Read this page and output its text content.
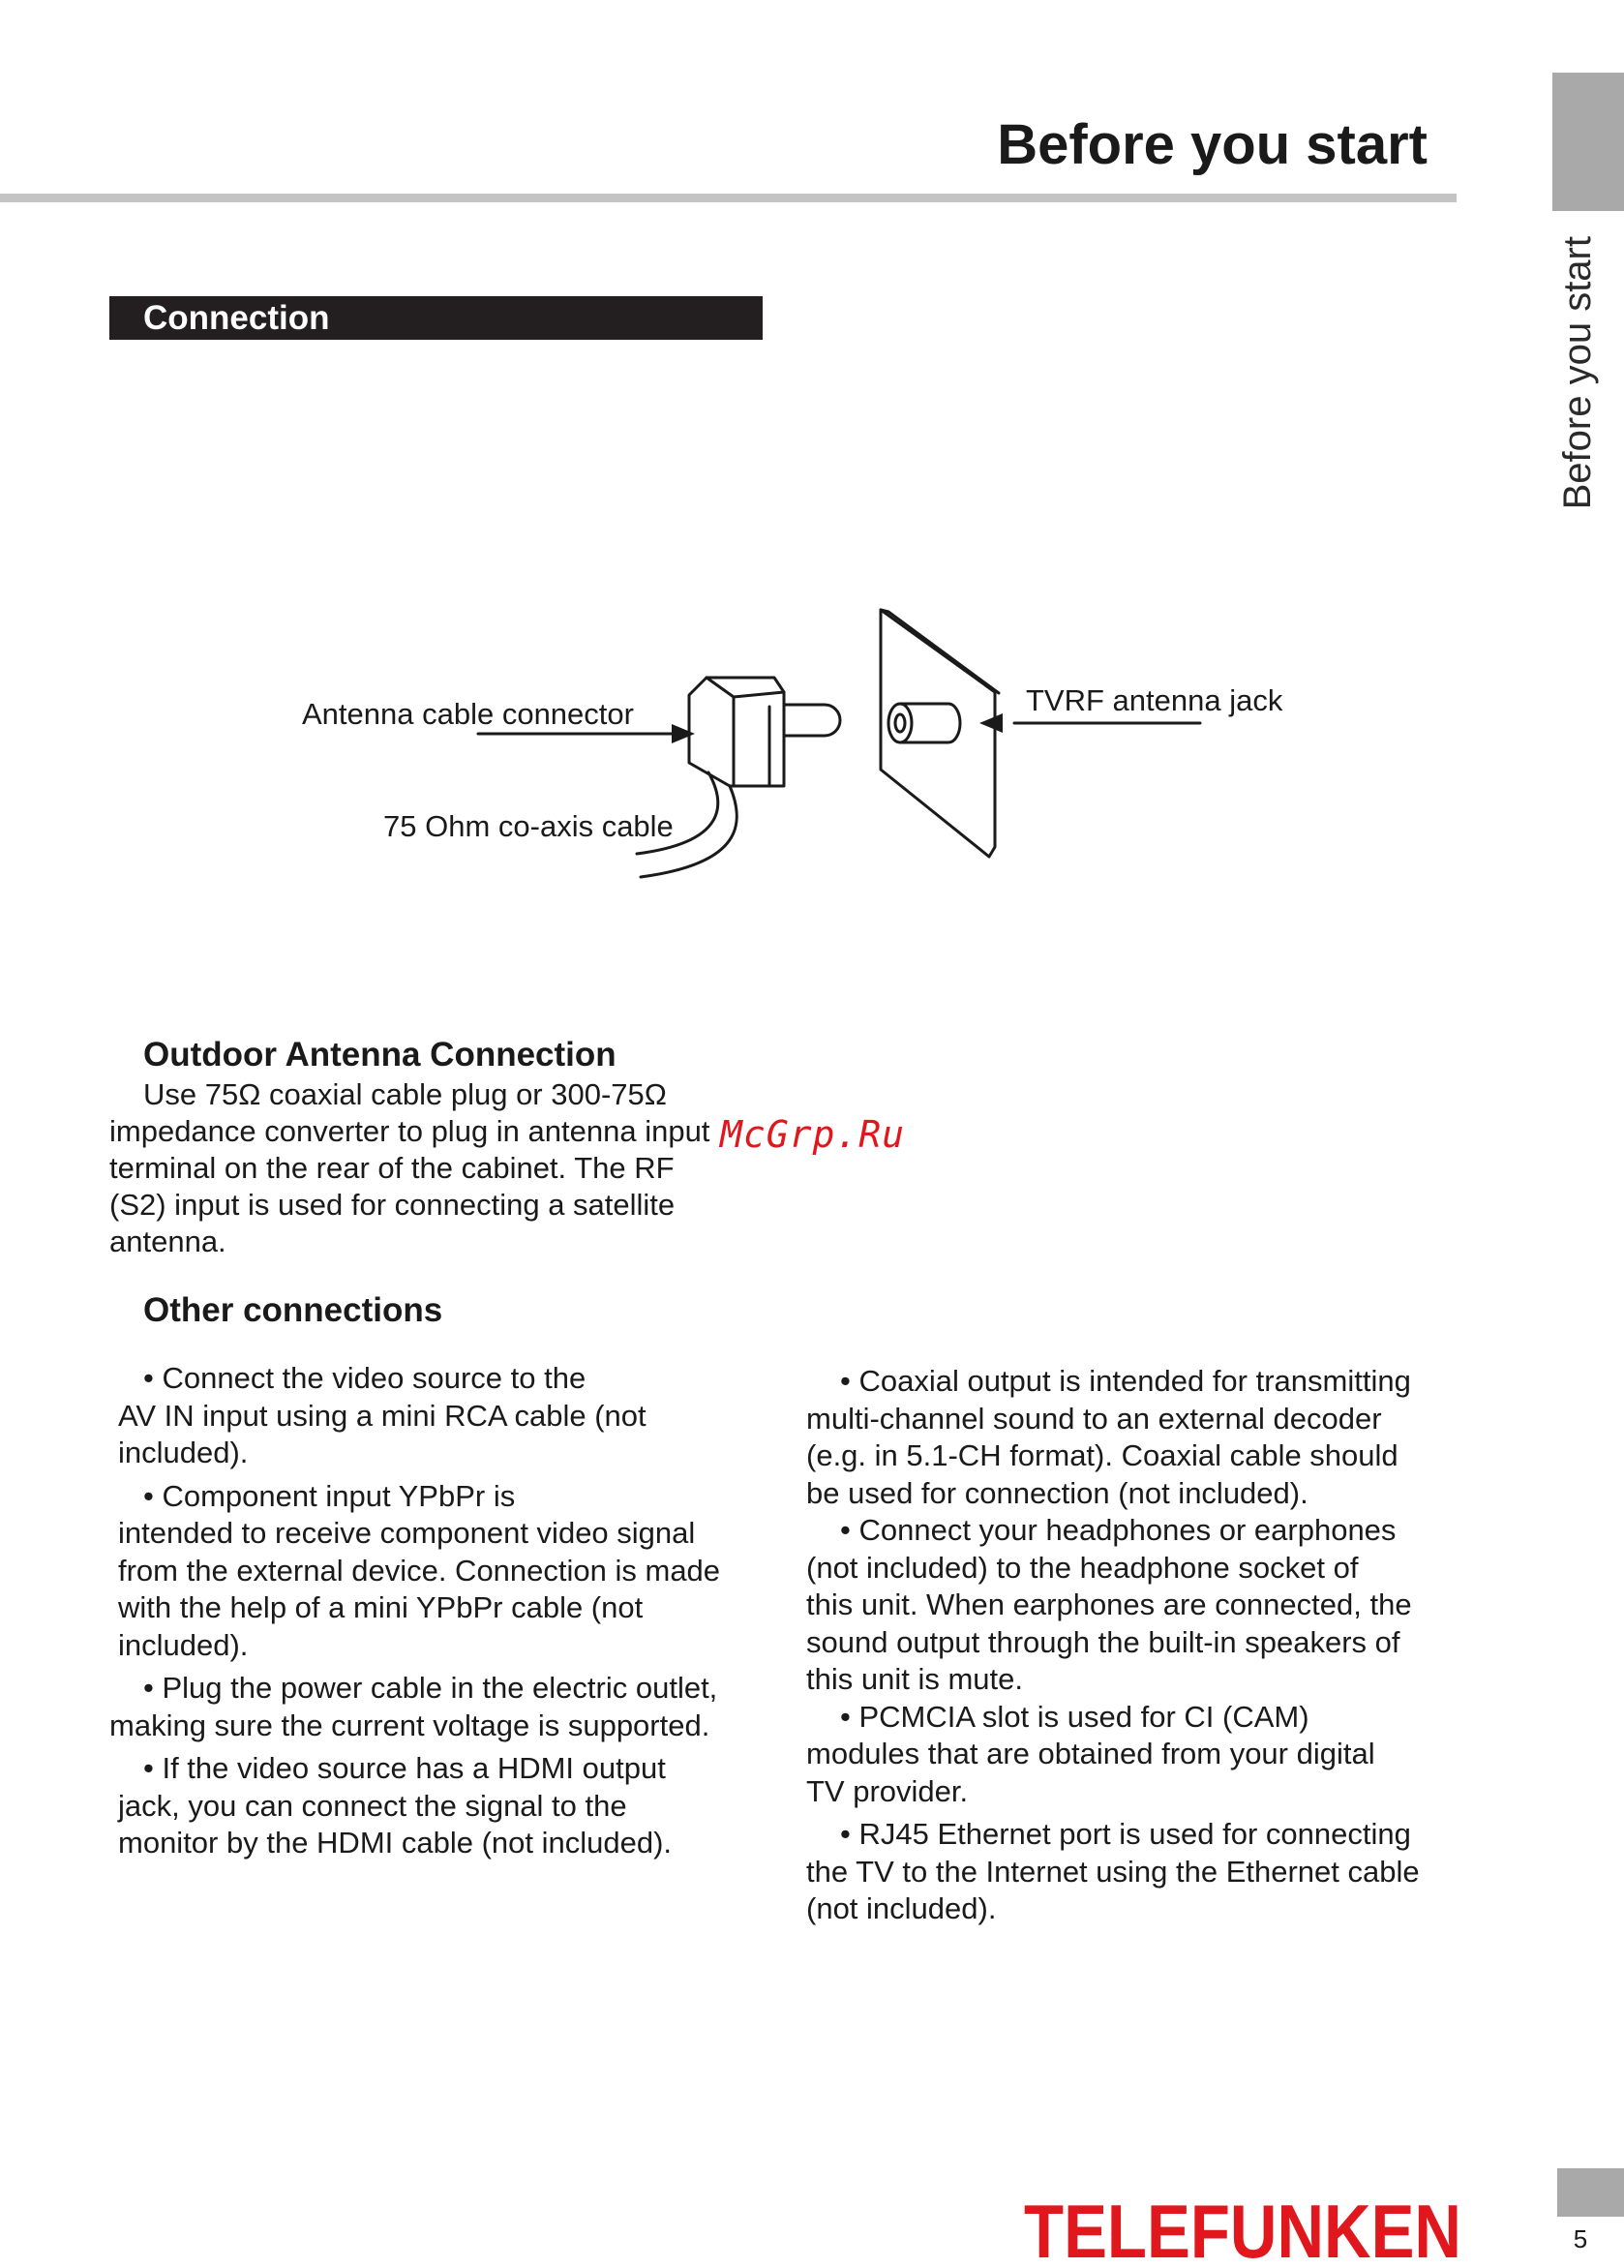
Before you start
Before you start
Connection
Antenna cable connector
75 Ohm co-axis cable
TVRF antenna jack
Outdoor Antenna Connection

Use 75Ω coaxial cable plug or 300-75Ω

impedance converter to plug in antenna input

terminal on the rear of the cabinet. The RF

(S2) input is used for connecting a satellite

antenna.

McGrp.Ru
Other connections

• Connect the video source to the

AV IN input using a mini RCA cable (not

included).

• Component input YPbPr is

intended to receive component video signal

from the external device. Connection is made

with the help of a mini YPbPr cable (not

included).

• Plug the power cable in the electric outlet,

making sure the current voltage is supported.

• If the video source has a HDMI output

jack, you can connect the signal to the

monitor by the HDMI cable (not included).

• Coaxial output is intended for transmitting

multi-channel sound to an external decoder

(e.g. in 5.1-CH format). Coaxial cable should

be used for connection (not included).

• Connect your headphones or earphones

(not included) to the headphone socket of

this unit. When earphones are connected, the

sound output through the built-in speakers of

this unit is mute.

• PCMCIA slot is used for CI (CAM)

modules that are obtained from your digital

TV provider.

• RJ45 Ethernet port is used for connecting

the TV to the Internet using the Ethernet cable

(not included).

TELEFUNKEN	5
